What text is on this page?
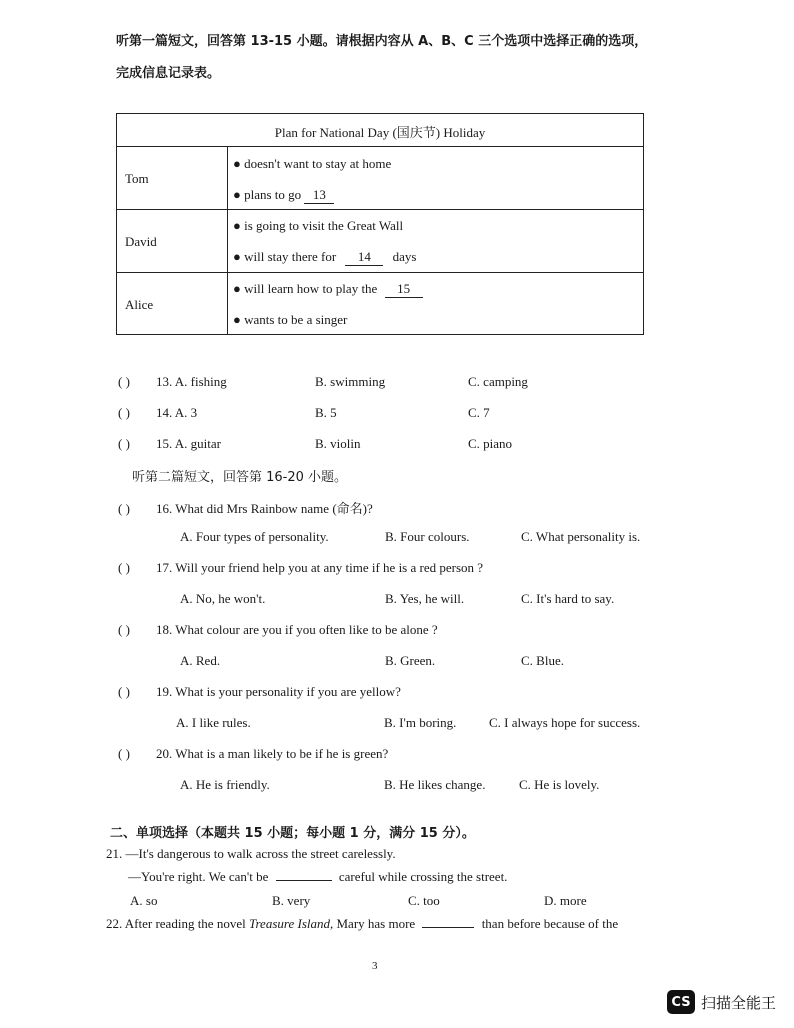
听第一篇短文，回答第 13-15 小题。请根据内容从 A、B、C 三个选项中选择正确的选项，
完成信息记录表。
Plan for National Day (国庆节) Holiday
Tom
● doesn't want to stay at home
● plans to go 13
David
● is going to visit the Great Wall
● will stay there for 14 days
Alice
● will learn how to play the 15
● wants to be a singer
( ) 13. A. fishing	B. swimming	C. camping
( ) 14. A. 3	B. 5	C. 7
( ) 15. A. guitar	B. violin	C. piano
听第二篇短文，回答第 16-20 小题。
( ) 16. What did Mrs Rainbow name (命名)?
A. Four types of personality.	B. Four colours.	C. What personality is.
( ) 17. Will your friend help you at any time if he is a red person ?
A. No, he won't.	B. Yes, he will.	C. It's hard to say.
( ) 18. What colour are you if you often like to be alone ?
A. Red.	B. Green.	C. Blue.
( ) 19. What is your personality if you are yellow?
A. I like rules.	B. I'm boring.	C. I always hope for success.
( ) 20. What is a man likely to be if he is green?
A. He is friendly.	B. He likes change.	C. He is lovely.
二、单项选择（本题共 15 小题；每小题 1 分，满分 15 分）。
21. —It's dangerous to walk across the street carelessly.
—You're right. We can't be	careful while crossing the street.
A. so	B. very	C. too	D. more
22. After reading the novel Treasure Island, Mary has more	than before because of the
3
CS 扫描全能王
